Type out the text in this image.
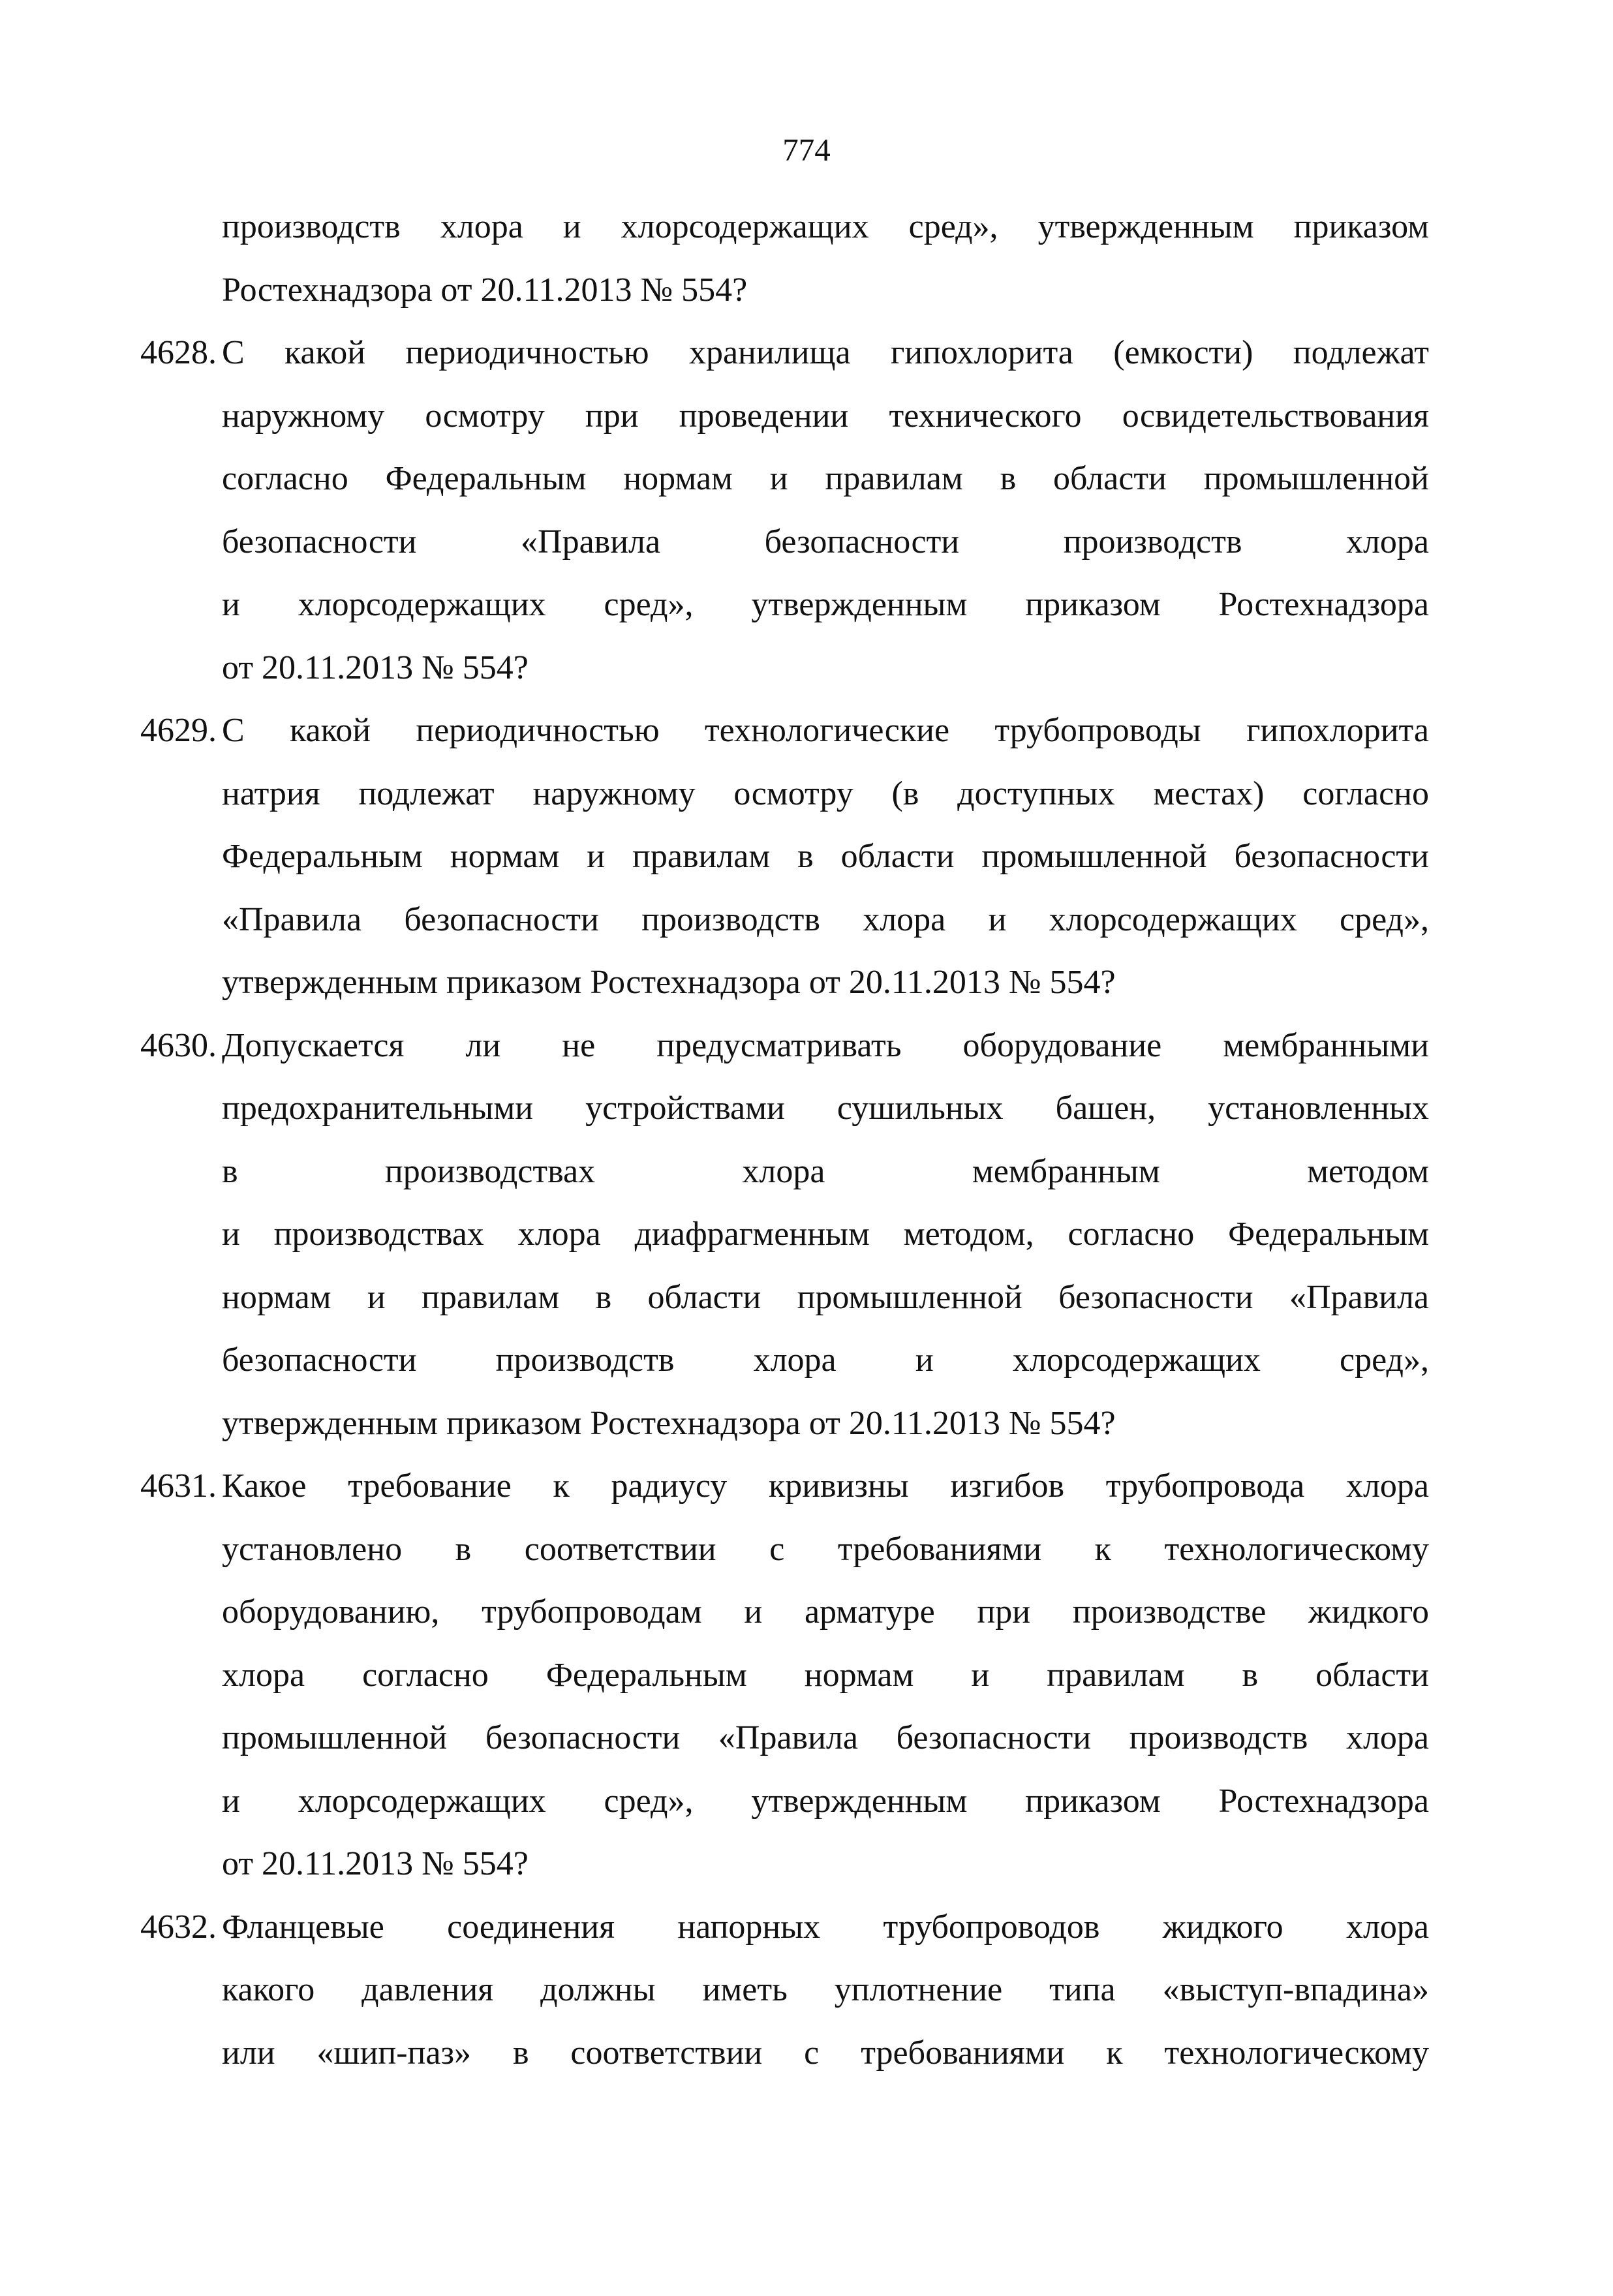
774
производств хлора и хлорсодержащих сред», утвержденным приказом
Ростехнадзора от 20.11.2013 № 554?
4628. С какой периодичностью хранилища гипохлорита (емкости) подлежат
наружному осмотру при проведении технического освидетельствования
согласно Федеральным нормам и правилам в области промышленной
безопасности «Правила безопасности производств хлора
и хлорсодержащих сред», утвержденным приказом Ростехнадзора
от 20.11.2013 № 554?
4629. С какой периодичностью технологические трубопроводы гипохлорита
натрия подлежат наружному осмотру (в доступных местах) согласно
Федеральным нормам и правилам в области промышленной безопасности
«Правила безопасности производств хлора и хлорсодержащих сред»,
утвержденным приказом Ростехнадзора от 20.11.2013 № 554?
4630. Допускается ли не предусматривать оборудование мембранными
предохранительными устройствами сушильных башен, установленных
в производствах хлора мембранным методом
и производствах хлора диафрагменным методом, согласно Федеральным
нормам и правилам в области промышленной безопасности «Правила
безопасности производств хлора и хлорсодержащих сред»,
утвержденным приказом Ростехнадзора от 20.11.2013 № 554?
4631. Какое требование к радиусу кривизны изгибов трубопровода хлора
установлено в соответствии с требованиями к технологическому
оборудованию, трубопроводам и арматуре при производстве жидкого
хлора согласно Федеральным нормам и правилам в области
промышленной безопасности «Правила безопасности производств хлора
и хлорсодержащих сред», утвержденным приказом Ростехнадзора
от 20.11.2013 № 554?
4632. Фланцевые соединения напорных трубопроводов жидкого хлора
какого давления должны иметь уплотнение типа «выступ-впадина»
или «шип-паз» в соответствии с требованиями к технологическому
